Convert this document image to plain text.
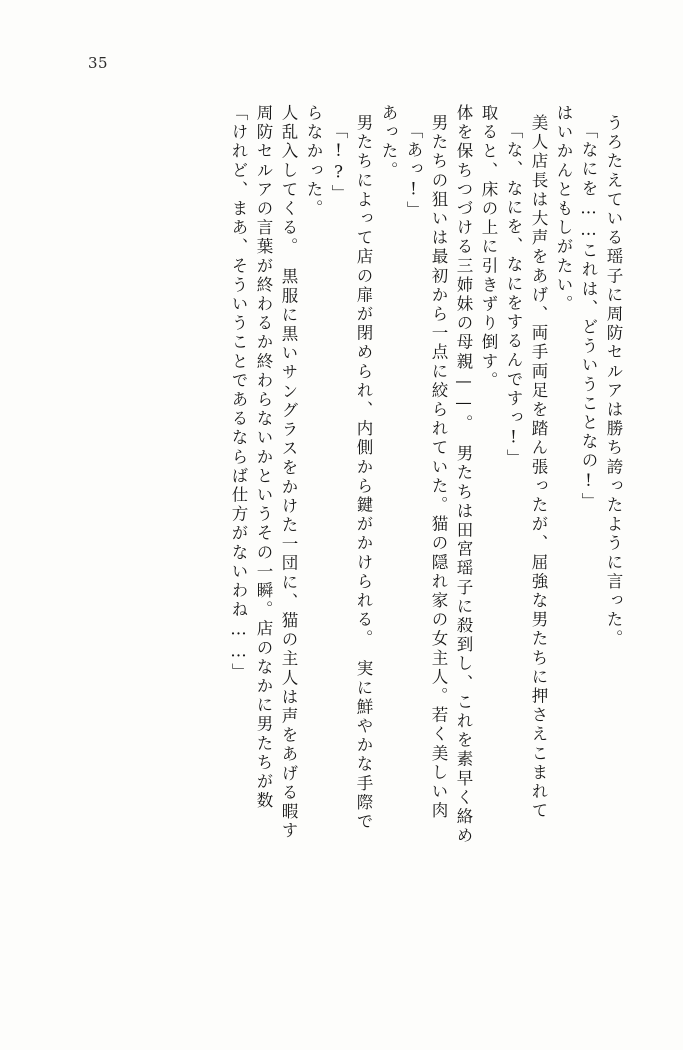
35
「けれど、まあ、そういうことであるならば仕方がないわね……」 周防セルアの言葉が終わるか終わらないかというその一瞬。店のなかに男たちが数 人乱入してくる。　黒服に黒いサングラスをかけた一団に、猫の主人は声をあげる暇す らなかった。 「!?」 男たちによって店の扉が閉められ、内側から鍵がかけられる。　実に鮮やかな手際で あった。 「あっ!」 男たちの狙いは最初から一点に絞られていた。猫の隠れ家の女主人。若く美しい肉 体を保ちつづける三姉妹の母親——。　男たちは田宮瑶子に殺到し、これを素早く絡め 取ると、床の上に引きずり倒す。 「な、なにを、なにをするんですっ!」 美人店長は大声をあげ、両手両足を踏ん張ったが、屈強な男たちに押さえこまれて はいかんともしがたい。 「なにを……これは、どういうことなの!」 うろたえている瑶子に周防セルアは勝ち誇ったように言った。
